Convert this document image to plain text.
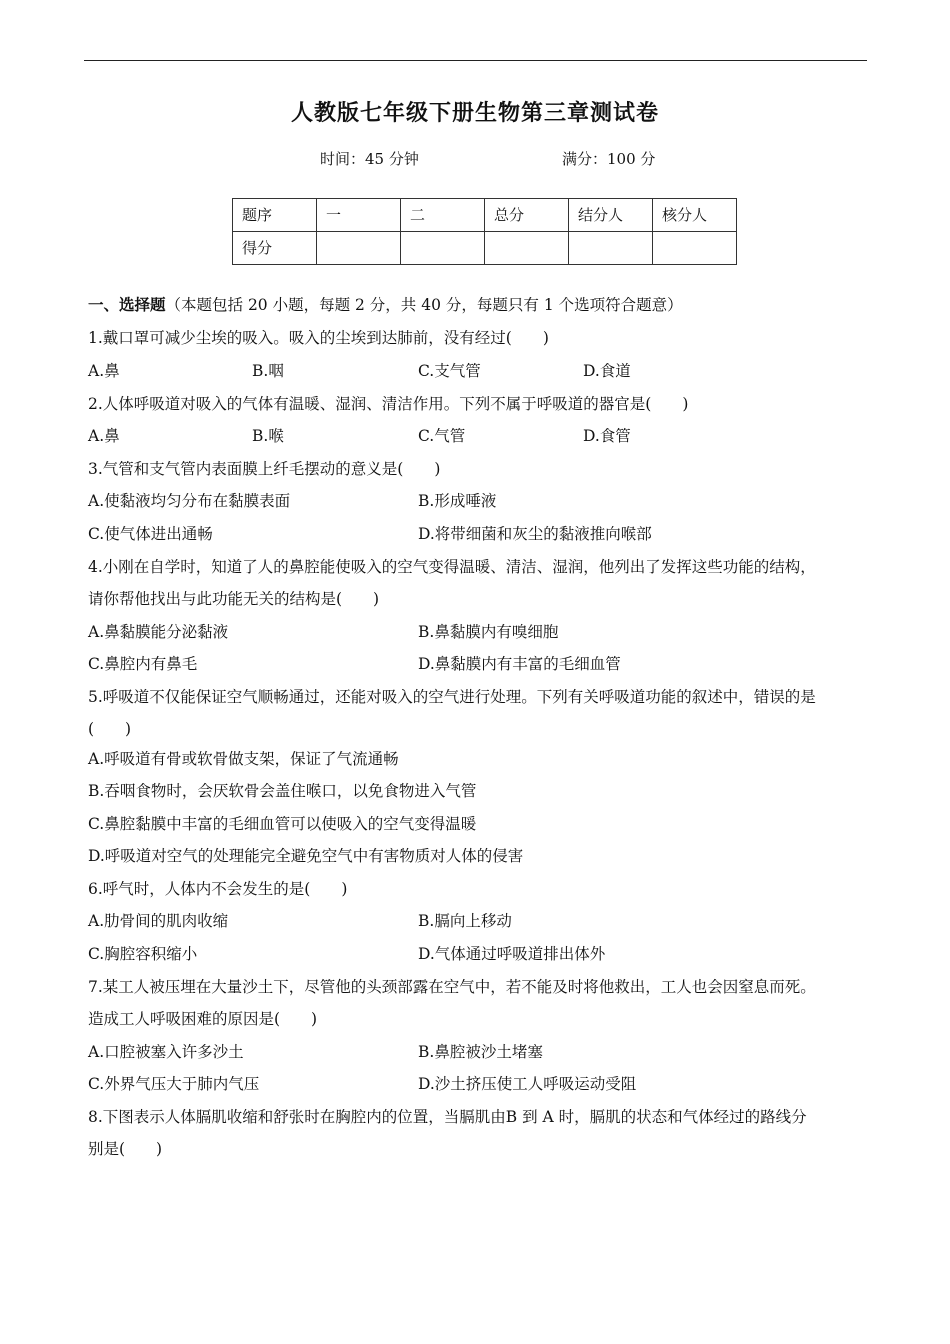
人教版七年级下册生物第三章测试卷
时间：45 分钟	满分：100 分
题序	一	二	总分	结分人	核分人
得分					
一、选择题（本题包括 20 小题，每题 2 分，共 40 分，每题只有 1 个选项符合题意）
1.戴口罩可减少尘埃的吸入。吸入的尘埃到达肺前，没有经过(　　)
A.鼻	B.咽	C.支气管	D.食道
2.人体呼吸道对吸入的气体有温暖、湿润、清洁作用。下列不属于呼吸道的器官是(　　)
A.鼻	B.喉	C.气管	D.食管
3.气管和支气管内表面膜上纤毛摆动的意义是(　　)
A.使黏液均匀分布在黏膜表面	B.形成唾液
C.使气体进出通畅	D.将带细菌和灰尘的黏液推向喉部
4.小刚在自学时，知道了人的鼻腔能使吸入的空气变得温暖、清洁、湿润，他列出了发挥这些功能的结构，
请你帮他找出与此功能无关的结构是(　　)
A.鼻黏膜能分泌黏液	B.鼻黏膜内有嗅细胞
C.鼻腔内有鼻毛	D.鼻黏膜内有丰富的毛细血管
5.呼吸道不仅能保证空气顺畅通过，还能对吸入的空气进行处理。下列有关呼吸道功能的叙述中，错误的是
(　　)
A.呼吸道有骨或软骨做支架，保证了气流通畅
B.吞咽食物时，会厌软骨会盖住喉口，以免食物进入气管
C.鼻腔黏膜中丰富的毛细血管可以使吸入的空气变得温暖
D.呼吸道对空气的处理能完全避免空气中有害物质对人体的侵害
6.呼气时，人体内不会发生的是(　　)
A.肋骨间的肌肉收缩	B.膈向上移动
C.胸腔容积缩小	D.气体通过呼吸道排出体外
7.某工人被压埋在大量沙土下，尽管他的头颈部露在空气中，若不能及时将他救出，工人也会因窒息而死。
造成工人呼吸困难的原因是(　　)
A.口腔被塞入许多沙土	B.鼻腔被沙土堵塞
C.外界气压大于肺内气压	D.沙土挤压使工人呼吸运动受阻
8.下图表示人体膈肌收缩和舒张时在胸腔内的位置，当膈肌由B 到 A 时，膈肌的状态和气体经过的路线分
别是(　　)
